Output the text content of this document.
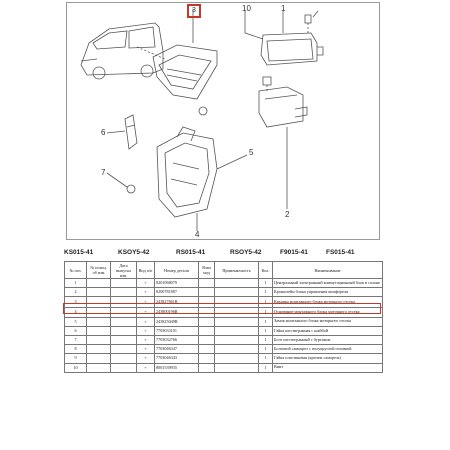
3	10	1
2
4
5
6
7
KS015-41	KSOY5-42	RS015-41	RSOY5-42	F9015-41	FS015-41
№ поз.	№ позиц. об изм	Дата выпуска изм.	Вид п/п	Номер детали	Взаи мод	Применяемость	Кол.	Наименование
1			+	8201068079			1	Центральный электронный коммутационный блок в салоне
2			+	8200781887			1	Кронштейн блока управления комфортом
3			+	243827661R			1	Крышка монтажного блока моторного отсека
4			+	243800196R			1	Основание монтажного блока моторного отсека
5			+	243825049R			1	Замок монтажного блока моторного отсека
6			+	7703033101			1	Гайка шестигранная с шайбой
7			+	7703032766			1	Болт шестигранный с буртиком
8			+	7703046347			1	Болтовой самокрез с полукруглой головкой
9			+	7703046343			1	Гайка пластиковая (крепеж самореза)
10			+	8001539935			1	Винт
